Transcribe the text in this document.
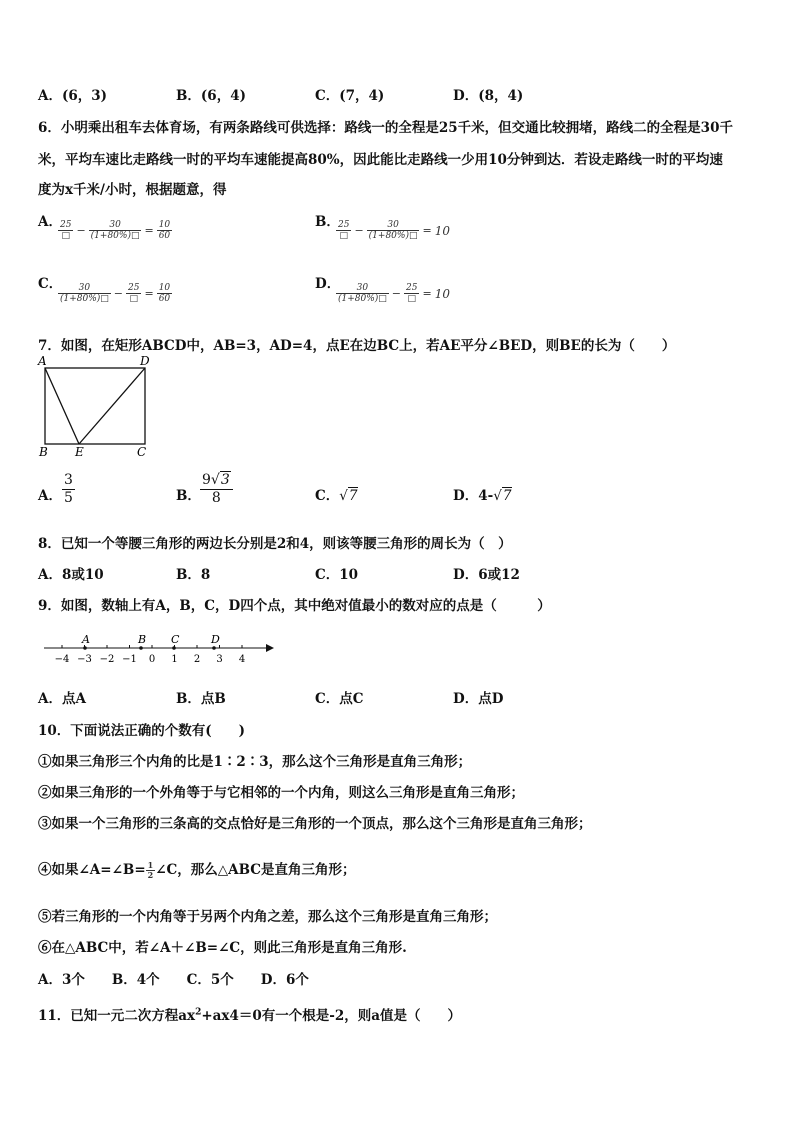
A．(6，3)	B．(6，4)	C．(7，4)	D．(8，4)
6．小明乘出租车去体育场，有两条路线可供选择：路线一的全程是25千米，但交通比较拥堵，路线二的全程是30千
米，平均车速比走路线一时的平均车速能提高80%，因此能比走路线一少用10分钟到达．若设走路线一时的平均速
度为x千米/小时，根据题意，得
A．
$\frac{25}{□} - \frac{30}{(1+80\%)□} = \frac{10}{60}$	B．
$\frac{25}{□} - \frac{30}{(1+80\%)□} = 10$
C．
$\frac{30}{(1+80\%)□} - \frac{25}{□} = \frac{10}{60}$	D．
$\frac{30}{(1+80\%)□} - \frac{25}{□} = 10$
7．如图，在矩形ABCD中，AB=3，AD=4，点E在边BC上，若AE平分∠BED，则BE的长为（　　）
A	D
B E	C
A． $\frac{3}{5}$	B． $\frac{9√3}{8}$	C．√7	D．4-√7
8．已知一个等腰三角形的两边长分别是2和4，则该等腰三角形的周长为（　）
A．8或10	B．8	C．10	D．6或12
9．如图，数轴上有A，B，C，D四个点，其中绝对值最小的数对应的点是（　　　）
−4 −3 −2 −1 0 1 2 3 4
A	B C	D
A．点A	B．点B	C．点C	D．点D
10．下面说法正确的个数有(　　)
①如果三角形三个内角的比是1∶2∶3，那么这个三角形是直角三角形；
②如果三角形的一个外角等于与它相邻的一个内角，则这么三角形是直角三角形；
③如果一个三角形的三条高的交点恰好是三角形的一个顶点，那么这个三角形是直角三角形；
④如果∠A=∠B= $\frac{1}{2}$ ∠C，那么△ABC是直角三角形；
⑤若三角形的一个内角等于另两个内角之差，那么这个三角形是直角三角形；
⑥在△ABC中，若∠A＋∠B=∠C，则此三角形是直角三角形.
A．3个　　B．4个　　C．5个　　D．6个
11．已知一元二次方程$ax^2+ax4=0$有一个根是-2，则a值是（　　）
